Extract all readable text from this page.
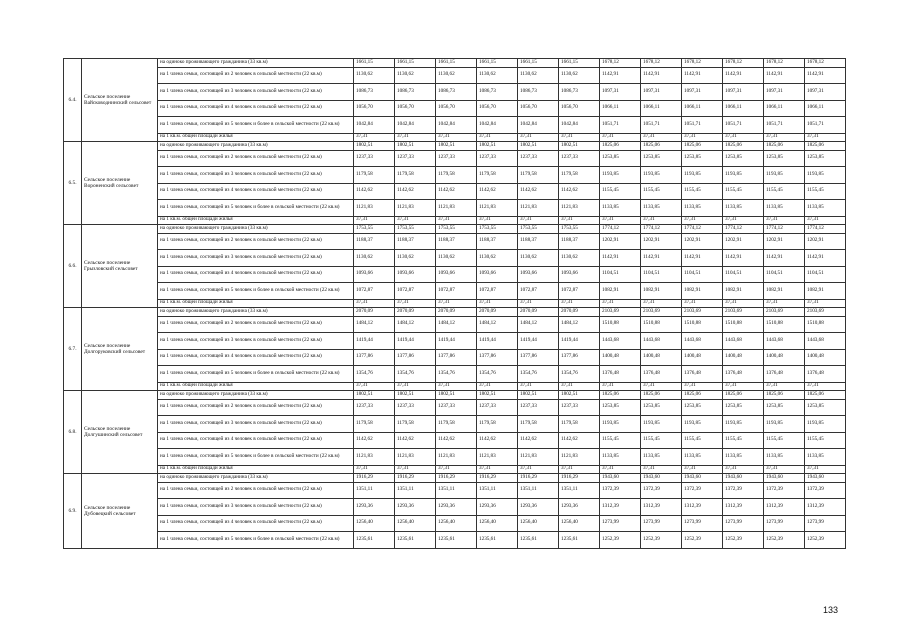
6.4.	Сельское поселение Вайсководнинский сельсовет	на одиноко проживающего гражданина (33 кв.м)	1661,15	1661,15	1661,15	1661,15	1661,15	1661,15	1678,12	1678,12	1678,12	1678,12	1678,12	1678,12
		на 1 члена семьи, состоящей из 2 человек в сельской местности (22 кв.м)	1130,62	1130,62	1130,62	1130,62	1130,62	1130,62	1142,91	1142,91	1142,91	1142,91	1142,91	1142,91
		на 1 члена семьи, состоящей из 3 человек в сельской местности (22 кв.м)	1086,73	1086,73	1086,73	1086,73	1086,73	1086,73	1097,31	1097,31	1097,31	1097,31	1097,31	1097,31
		на 1 члена семьи, состоящей из 4 человек в сельской местности (22 кв.м)	1056,70	1056,70	1056,70	1056,70	1056,70	1056,70	1066,11	1066,11	1066,11	1066,11	1066,11	1066,11
		на 1 члена семьи, состоящей из 5 человек и более в сельской местности (22 кв.м)	1042,84	1042,84	1042,84	1042,84	1042,84	1042,84	1051,71	1051,71	1051,71	1051,71	1051,71	1051,71
		на 1 кв.м. общей площади жилья	37,31	37,31	37,31	37,31	37,31	37,31	37,31	37,31	37,31	37,31	37,31	37,31
6.5.	Сельское поселение Вороненский сельсовет	на одиноко проживающего гражданина (33 кв.м)	1802,51	1802,51	1802,51	1802,51	1802,51	1802,51	1825,06	1825,06	1825,06	1825,06	1825,06	1825,06
		на 1 члена семьи, состоящей из 2 человек в сельской местности (22 кв.м)	1237,33	1237,33	1237,33	1237,33	1237,33	1237,33	1253,85	1253,85	1253,85	1253,85	1253,85	1253,85
		на 1 члена семьи, состоящей из 3 человек в сельской местности (22 кв.м)	1179,58	1179,58	1179,58	1179,58	1179,58	1179,58	1193,85	1193,85	1193,85	1193,85	1193,85	1193,85
		на 1 члена семьи, состоящей из 4 человек в сельской местности (22 кв.м)	1142,62	1142,62	1142,62	1142,62	1142,62	1142,62	1155,45	1155,45	1155,45	1155,45	1155,45	1155,45
		на 1 члена семьи, состоящей из 5 человек и более в сельской местности (22 кв.м)	1121,83	1121,83	1121,83	1121,83	1121,83	1121,83	1133,85	1133,85	1133,85	1133,85	1133,85	1133,85
		на 1 кв.м. общей площади жилья	37,31	37,31	37,31	37,31	37,31	37,31	37,31	37,31	37,31	37,31	37,31	37,31
6.6.	Сельское поселение Грызловский сельсовет	на одиноко проживающего гражданина (33 кв.м)	1753,55	1753,55	1753,55	1753,55	1753,55	1753,55	1774,12	1774,12	1774,12	1774,12	1774,12	1774,12
		на 1 члена семьи, состоящей из 2 человек в сельской местности (22 кв.м)	1188,37	1188,37	1188,37	1188,37	1188,37	1188,37	1202,91	1202,91	1202,91	1202,91	1202,91	1202,91
		на 1 члена семьи, состоящей из 3 человек в сельской местности (22 кв.м)	1130,62	1130,62	1130,62	1130,62	1130,62	1130,62	1142,91	1142,91	1142,91	1142,91	1142,91	1142,91
		на 1 члена семьи, состоящей из 4 человек в сельской местности (22 кв.м)	1093,66	1093,66	1093,66	1093,66	1093,66	1093,66	1104,51	1104,51	1104,51	1104,51	1104,51	1104,51
		на 1 члена семьи, состоящей из 5 человек и более в сельской местности (22 кв.м)	1072,87	1072,87	1072,87	1072,87	1072,87	1072,87	1082,91	1082,91	1082,91	1082,91	1082,91	1082,91
		на 1 кв.м. общей площади жилья	37,31	37,31	37,31	37,31	37,31	37,31	37,31	37,31	37,31	37,31	37,31	37,31
6.7.	Сельское поселение Долгоруковский сельсовет	на одиноко проживающего гражданина (33 кв.м)	2070,09	2070,09	2070,09	2070,09	2070,09	2070,09	2103,69	2103,69	2103,69	2103,69	2103,69	2103,69
		на 1 члена семьи, состоящей из 2 человек в сельской местности (22 кв.м)	1484,12	1484,12	1484,12	1484,12	1484,12	1484,12	1510,88	1510,88	1510,88	1510,88	1510,88	1510,88
		на 1 члена семьи, состоящей из 3 человек в сельской местности (22 кв.м)	1419,44	1419,44	1419,44	1419,44	1419,44	1419,44	1443,68	1443,68	1443,68	1443,68	1443,68	1443,68
		на 1 члена семьи, состоящей из 4 человек в сельской местности (22 кв.м)	1377,86	1377,86	1377,86	1377,86	1377,86	1377,86	1400,48	1400,48	1400,48	1400,48	1400,48	1400,48
		на 1 члена семьи, состоящей из 5 человек и более в сельской местности (22 кв.м)	1354,76	1354,76	1354,76	1354,76	1354,76	1354,76	1376,48	1376,48	1376,48	1376,48	1376,48	1376,48
		на 1 кв.м. общей площади жилья	37,31	37,31	37,31	37,31	37,31	37,31	37,31	37,31	37,31	37,31	37,31	37,31
6.8.	Сельское поселение Долгушинский сельсовет	на одиноко проживающего гражданина (33 кв.м)	1802,51	1802,51	1802,51	1802,51	1802,51	1802,51	1825,06	1825,06	1825,06	1825,06	1825,06	1825,06
		на 1 члена семьи, состоящей из 2 человек в сельской местности (22 кв.м)	1237,33	1237,33	1237,33	1237,33	1237,33	1237,33	1253,85	1253,85	1253,85	1253,85	1253,85	1253,85
		на 1 члена семьи, состоящей из 3 человек в сельской местности (22 кв.м)	1179,58	1179,58	1179,58	1179,58	1179,58	1179,58	1193,85	1193,85	1193,85	1193,85	1193,85	1193,85
		на 1 члена семьи, состоящей из 4 человек в сельской местности (22 кв.м)	1142,62	1142,62	1142,62	1142,62	1142,62	1142,62	1155,45	1155,45	1155,45	1155,45	1155,45	1155,45
		на 1 члена семьи, состоящей из 5 человек и более в сельской местности (22 кв.м)	1121,83	1121,83	1121,83	1121,83	1121,83	1121,83	1133,85	1133,85	1133,85	1133,85	1133,85	1133,85
		на 1 кв.м. общей площади жилья	37,31	37,31	37,31	37,31	37,31	37,31	37,31	37,31	37,31	37,31	37,31	37,31
6.9.	Сельское поселение Дубовецкий сельсовет	на одиноко проживающего гражданина (33 кв.м)	1916,29	1916,29	1916,29	1916,29	1916,29	1916,29	1943,60	1943,60	1943,60	1943,60	1943,60	1943,60
		на 1 члена семьи, состоящей из 2 человек в сельской местности (22 кв.м)	1351,11	1351,11	1351,11	1351,11	1351,11	1351,11	1372,39	1372,39	1372,39	1372,39	1372,39	1372,39
		на 1 члена семьи, состоящей из 3 человек в сельской местности (22 кв.м)	1293,36	1293,36	1293,36	1293,36	1293,36	1293,36	1312,39	1312,39	1312,39	1312,39	1312,39	1312,39
		на 1 члена семьи, состоящей из 4 человек в сельской местности (22 кв.м)	1256,40	1256,40	1256,40	1256,40	1256,40	1256,40	1273,99	1273,99	1273,99	1273,99	1273,99	1273,99
		на 1 члена семьи, состоящей из 5 человек и более в сельской местности (22 кв.м)	1235,61	1235,61	1235,61	1235,61	1235,61	1235,61	1252,39	1252,39	1252,39	1252,39	1252,39	1252,39
133
